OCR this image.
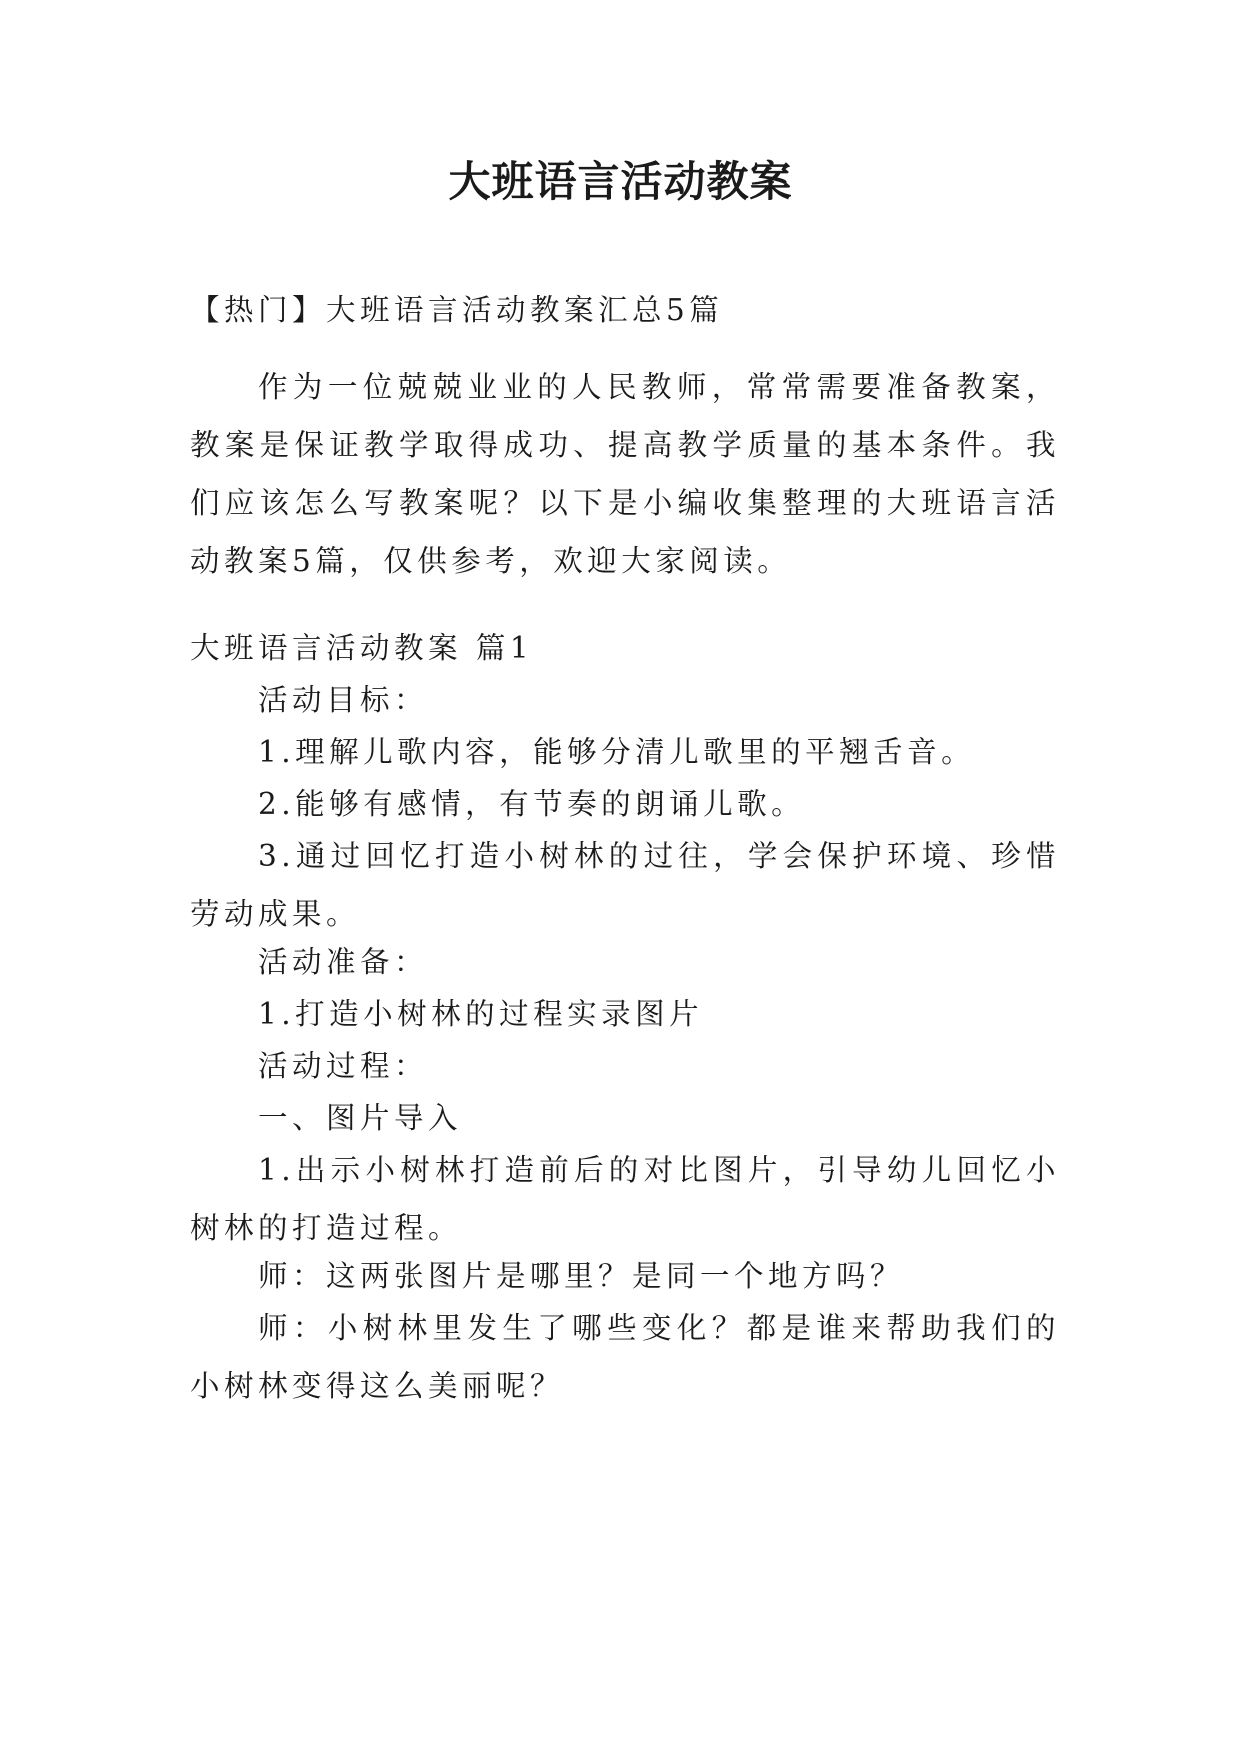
大班语言活动教案

【热门】大班语言活动教案汇总5篇

作为一位兢兢业业的人民教师，常常需要准备教案，教案是保证教学取得成功、提高教学质量的基本条件。我们应该怎么写教案呢？以下是小编收集整理的大班语言活动教案5篇，仅供参考，欢迎大家阅读。

大班语言活动教案 篇1

活动目标：

1.理解儿歌内容，能够分清儿歌里的平翘舌音。

2.能够有感情，有节奏的朗诵儿歌。

3.通过回忆打造小树林的过往，学会保护环境、珍惜劳动成果。

活动准备：

1.打造小树林的过程实录图片

活动过程：

一、图片导入

1.出示小树林打造前后的对比图片，引导幼儿回忆小树林的打造过程。

师：这两张图片是哪里？是同一个地方吗？

师：小树林里发生了哪些变化？都是谁来帮助我们的小树林变得这么美丽呢？
